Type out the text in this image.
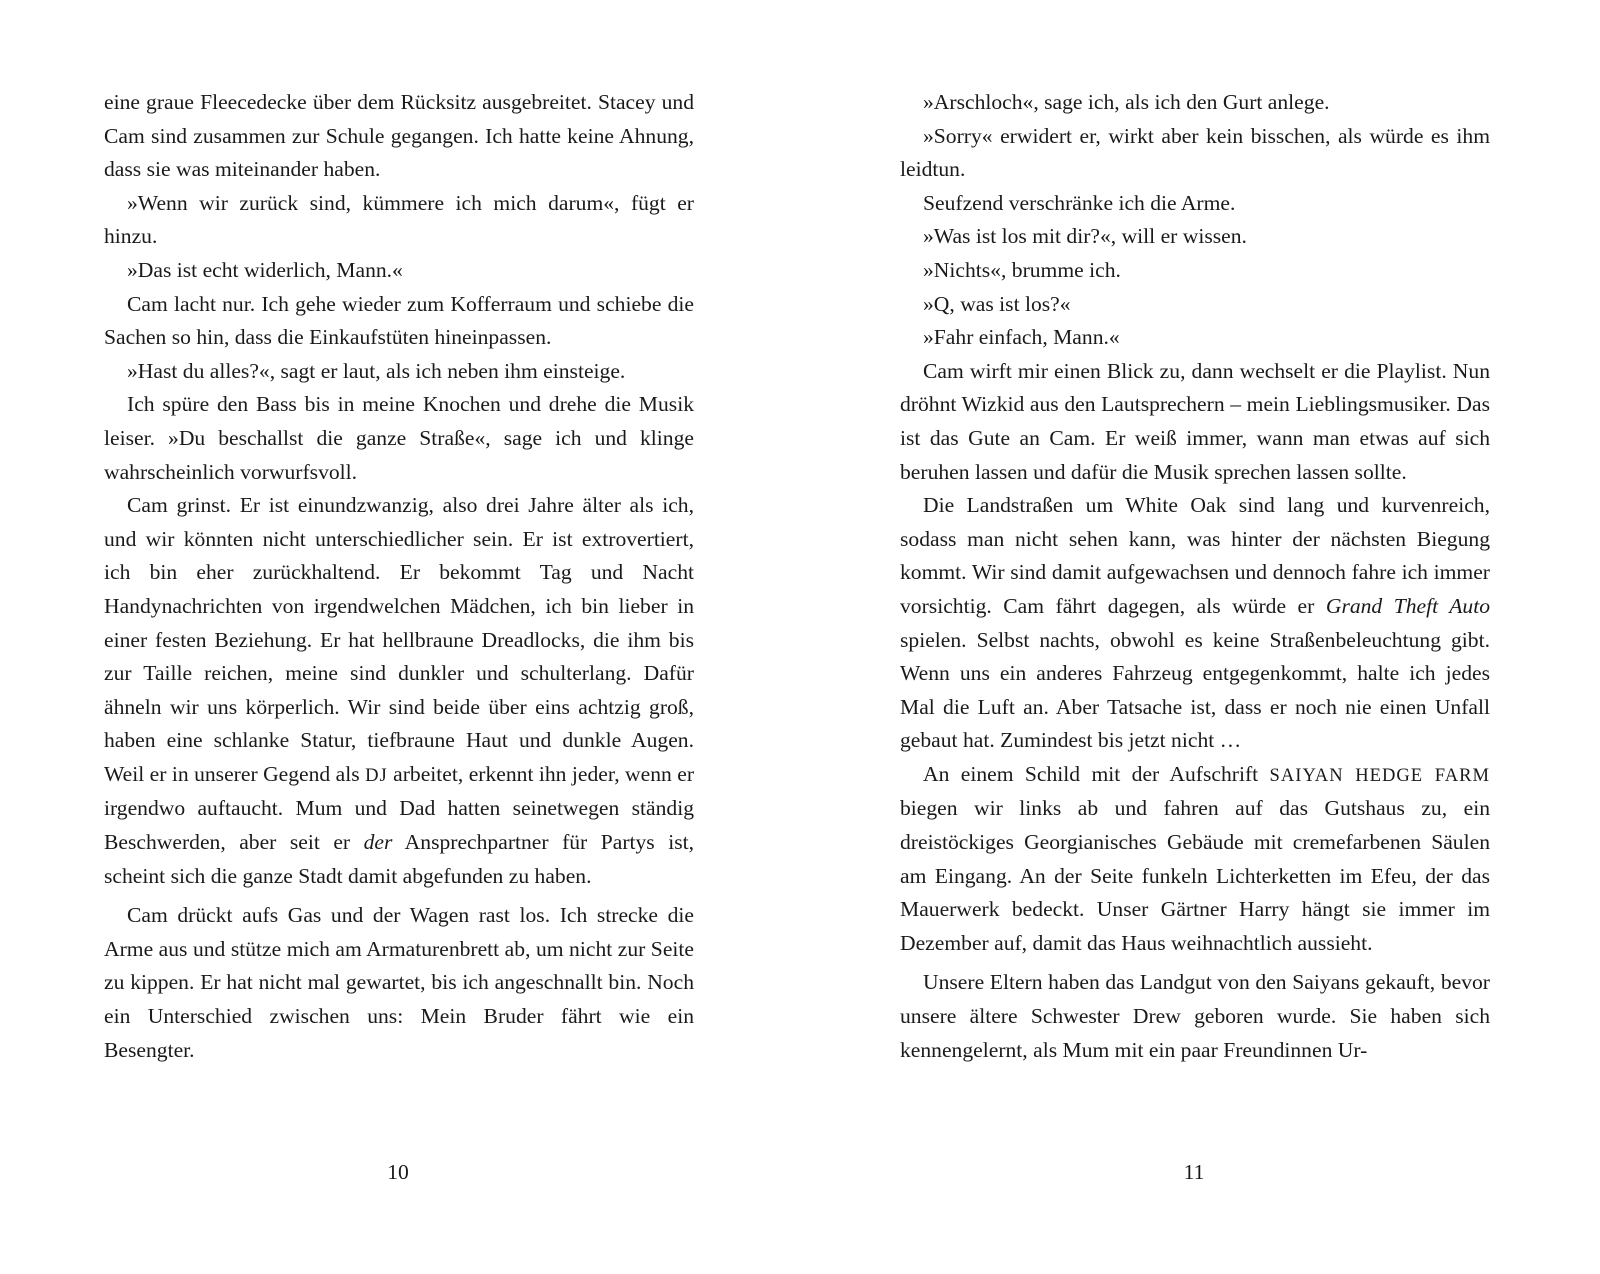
eine graue Fleecedecke über dem Rücksitz ausgebreitet. Stacey und Cam sind zusammen zur Schule gegangen. Ich hatte keine Ahnung, dass sie was miteinander haben.

»Wenn wir zurück sind, kümmere ich mich darum«, fügt er hinzu.

»Das ist echt widerlich, Mann.«

Cam lacht nur. Ich gehe wieder zum Kofferraum und schiebe die Sachen so hin, dass die Einkaufstüten hineinpassen.

»Hast du alles?«, sagt er laut, als ich neben ihm einsteige.

Ich spüre den Bass bis in meine Knochen und drehe die Musik leiser. »Du beschallst die ganze Straße«, sage ich und klinge wahrscheinlich vorwurfsvoll.

Cam grinst. Er ist einundzwanzig, also drei Jahre älter als ich, und wir könnten nicht unterschiedlicher sein. Er ist extrovertiert, ich bin eher zurückhaltend. Er bekommt Tag und Nacht Handynachrichten von irgendwelchen Mädchen, ich bin lieber in einer festen Beziehung. Er hat hellbraune Dreadlocks, die ihm bis zur Taille reichen, meine sind dunkler und schulterlang. Dafür ähneln wir uns körperlich. Wir sind beide über eins achtzig groß, haben eine schlanke Statur, tiefbraune Haut und dunkle Augen. Weil er in unserer Gegend als DJ arbeitet, erkennt ihn jeder, wenn er irgendwo auftaucht. Mum und Dad hatten seinetwegen ständig Beschwerden, aber seit er der Ansprechpartner für Partys ist, scheint sich die ganze Stadt damit abgefunden zu haben.

Cam drückt aufs Gas und der Wagen rast los. Ich strecke die Arme aus und stütze mich am Armaturenbrett ab, um nicht zur Seite zu kippen. Er hat nicht mal gewartet, bis ich angeschnallt bin. Noch ein Unterschied zwischen uns: Mein Bruder fährt wie ein Besengter.

»Arschloch«, sage ich, als ich den Gurt anlege.

»Sorry« erwidert er, wirkt aber kein bisschen, als würde es ihm leidtun.

Seufzend verschränke ich die Arme.

»Was ist los mit dir?«, will er wissen.

»Nichts«, brumme ich.

»Q, was ist los?«

»Fahr einfach, Mann.«

Cam wirft mir einen Blick zu, dann wechselt er die Playlist. Nun dröhnt Wizkid aus den Lautsprechern – mein Lieblingsmusiker. Das ist das Gute an Cam. Er weiß immer, wann man etwas auf sich beruhen lassen und dafür die Musik sprechen lassen sollte.

Die Landstraßen um White Oak sind lang und kurvenreich, sodass man nicht sehen kann, was hinter der nächsten Biegung kommt. Wir sind damit aufgewachsen und dennoch fahre ich immer vorsichtig. Cam fährt dagegen, als würde er Grand Theft Auto spielen. Selbst nachts, obwohl es keine Straßenbeleuchtung gibt. Wenn uns ein anderes Fahrzeug entgegenkommt, halte ich jedes Mal die Luft an. Aber Tatsache ist, dass er noch nie einen Unfall gebaut hat. Zumindest bis jetzt nicht …

An einem Schild mit der Aufschrift SAIYAN HEDGE FARM biegen wir links ab und fahren auf das Gutshaus zu, ein dreistöckiges Georgianisches Gebäude mit cremefarbenen Säulen am Eingang. An der Seite funkeln Lichterketten im Efeu, der das Mauerwerk bedeckt. Unser Gärtner Harry hängt sie immer im Dezember auf, damit das Haus weihnachtlich aussieht.

Unsere Eltern haben das Landgut von den Saiyans gekauft, bevor unsere ältere Schwester Drew geboren wurde. Sie haben sich kennengelernt, als Mum mit ein paar Freundinnen Ur-

10	11
